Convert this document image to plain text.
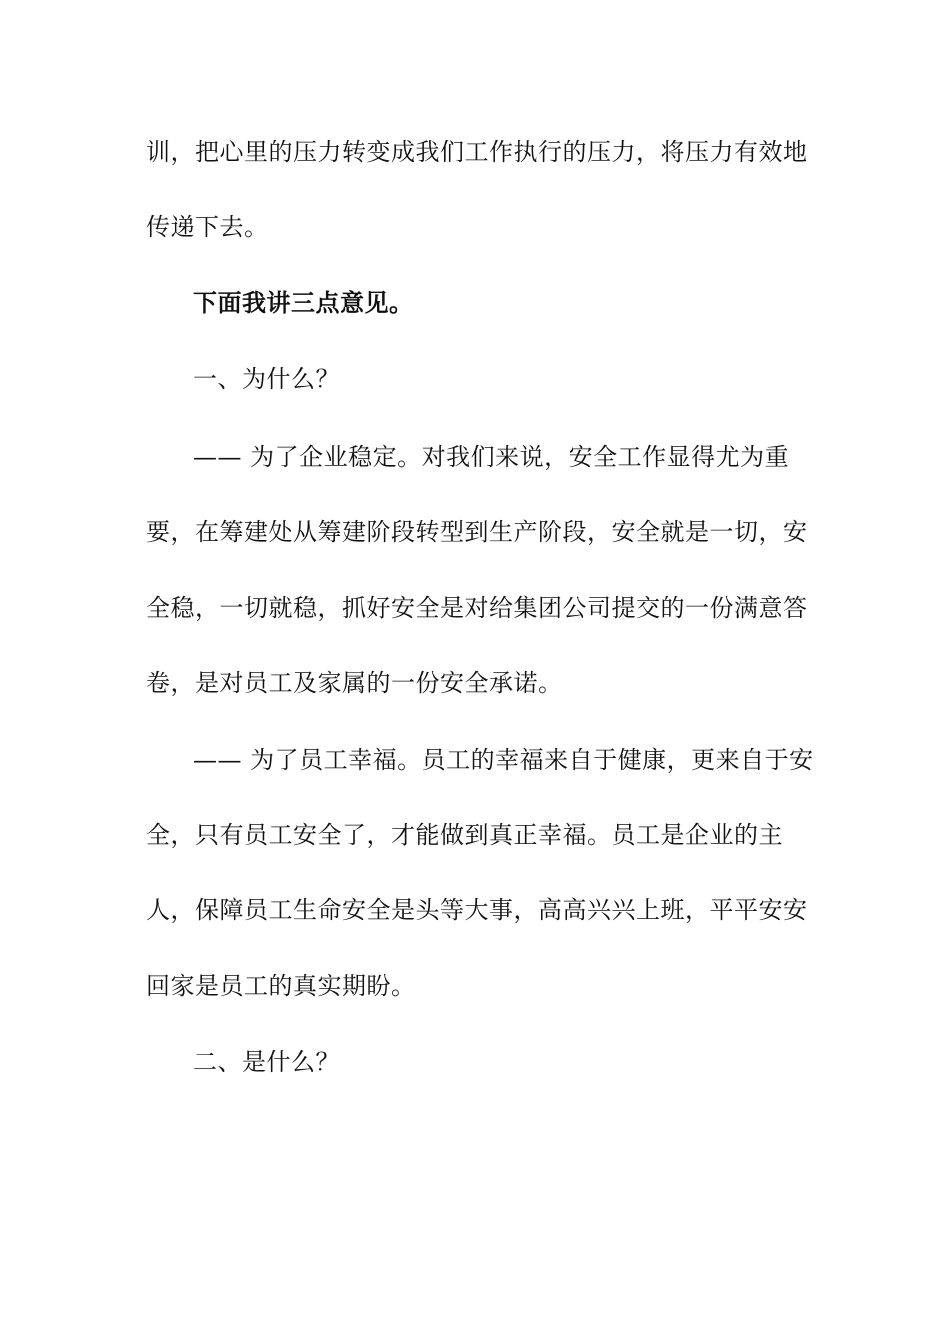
训，把心里的压力转变成我们工作执行的压力，将压力有效地
传递下去。
下面我讲三点意见。
一、为什么？
—— 为了企业稳定。对我们来说，安全工作显得尤为重
要，在筹建处从筹建阶段转型到生产阶段，安全就是一切，安
全稳，一切就稳，抓好安全是对给集团公司提交的一份满意答
卷，是对员工及家属的一份安全承诺。
—— 为了员工幸福。员工的幸福来自于健康，更来自于安
全，只有员工安全了，才能做到真正幸福。员工是企业的主
人，保障员工生命安全是头等大事，高高兴兴上班，平平安安
回家是员工的真实期盼。
二、是什么？
